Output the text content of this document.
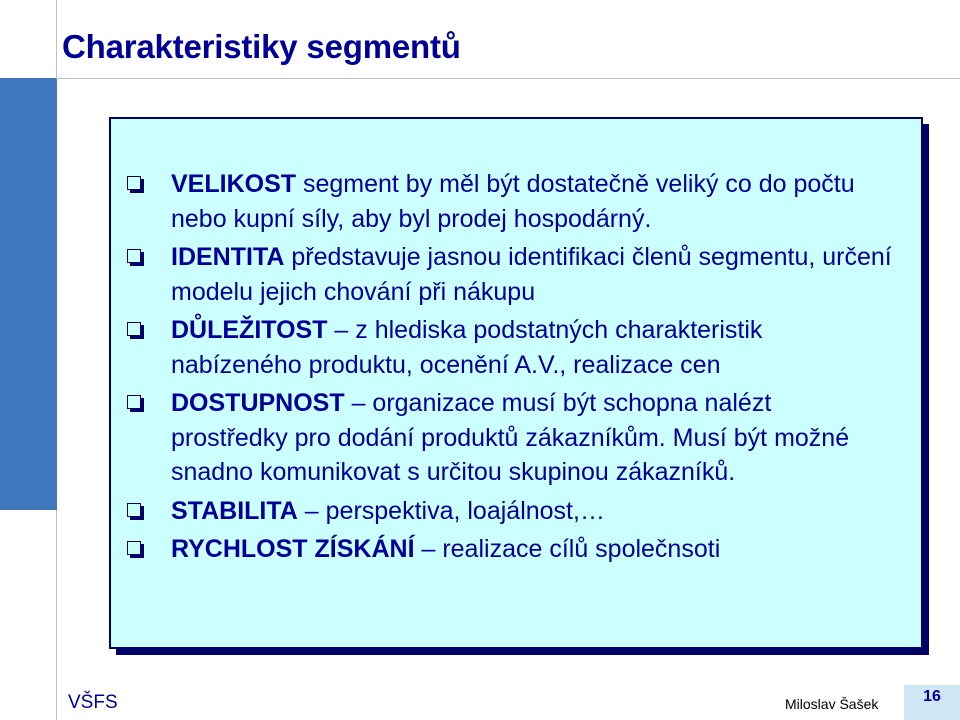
Charakteristiky segmentů
VELIKOST segment by měl být dostatečně veliký co do počtu nebo kupní síly, aby byl prodej hospodárný.
IDENTITA představuje jasnou identifikaci členů segmentu, určení modelu jejich chování při nákupu
DŮLEŽITOST – z hlediska podstatných charakteristik nabízeného produktu, ocenění A.V., realizace cen
DOSTUPNOST – organizace musí být schopna nalézt prostředky pro dodání produktů zákazníkům. Musí být možné snadno komunikovat s určitou skupinou zákazníků.
STABILITA – perspektiva, loajálnost,…
RYCHLOST ZÍSKÁNÍ – realizace cílů společnsoti
VŠFS	Miloslav Šašek	16
